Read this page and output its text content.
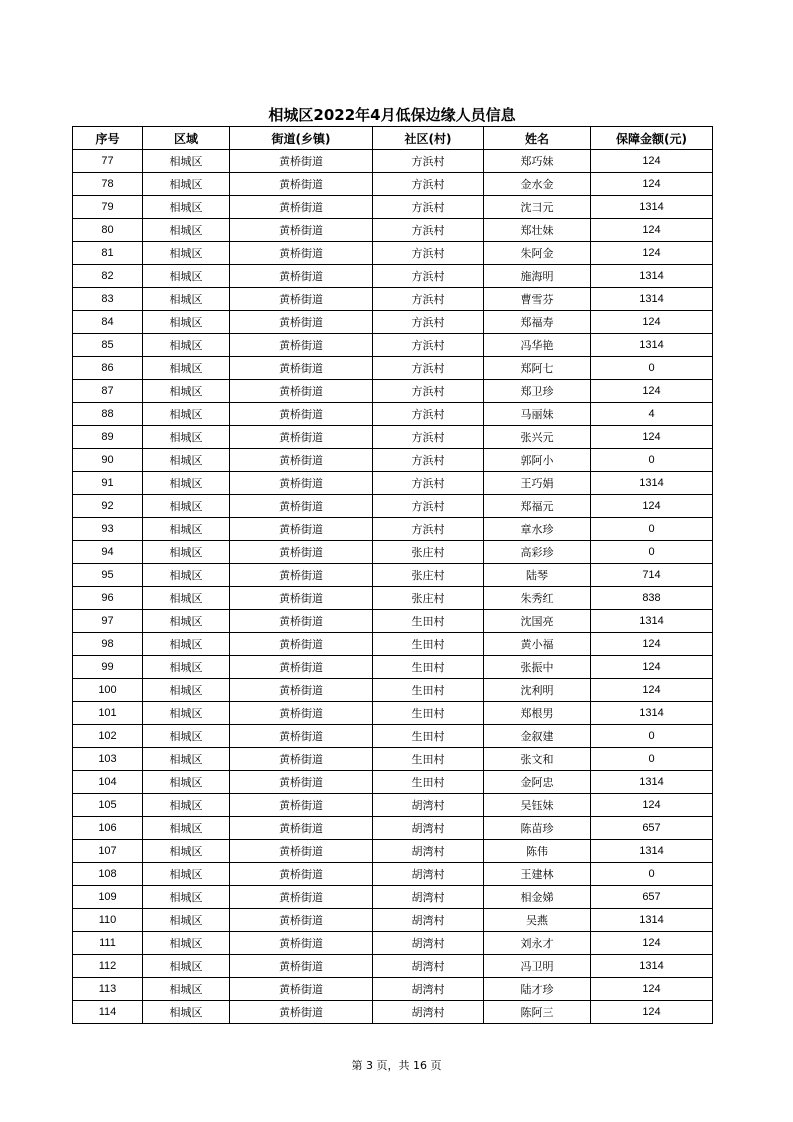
相城区2022年4月低保边缘人员信息
序号	区域	街道(乡镇)	社区(村)	姓名	保障金额(元)
77	相城区	黄桥街道	方浜村	郑巧妹	124
78	相城区	黄桥街道	方浜村	金水金	124
79	相城区	黄桥街道	方浜村	沈彐元	1314
80	相城区	黄桥街道	方浜村	郑壮妹	124
81	相城区	黄桥街道	方浜村	朱阿金	124
82	相城区	黄桥街道	方浜村	施海明	1314
83	相城区	黄桥街道	方浜村	曹雪芬	1314
84	相城区	黄桥街道	方浜村	郑福寿	124
85	相城区	黄桥街道	方浜村	冯华艳	1314
86	相城区	黄桥街道	方浜村	郑阿七	0
87	相城区	黄桥街道	方浜村	郑卫珍	124
88	相城区	黄桥街道	方浜村	马丽妹	4
89	相城区	黄桥街道	方浜村	张兴元	124
90	相城区	黄桥街道	方浜村	郭阿小	0
91	相城区	黄桥街道	方浜村	王巧娟	1314
92	相城区	黄桥街道	方浜村	郑福元	124
93	相城区	黄桥街道	方浜村	章水珍	0
94	相城区	黄桥街道	张庄村	高彩珍	0
95	相城区	黄桥街道	张庄村	陆琴	714
96	相城区	黄桥街道	张庄村	朱秀红	838
97	相城区	黄桥街道	生田村	沈国亮	1314
98	相城区	黄桥街道	生田村	黄小福	124
99	相城区	黄桥街道	生田村	张振中	124
100	相城区	黄桥街道	生田村	沈利明	124
101	相城区	黄桥街道	生田村	郑根男	1314
102	相城区	黄桥街道	生田村	金叙建	0
103	相城区	黄桥街道	生田村	张文和	0
104	相城区	黄桥街道	生田村	金阿忠	1314
105	相城区	黄桥街道	胡湾村	吴钰妹	124
106	相城区	黄桥街道	胡湾村	陈苗珍	657
107	相城区	黄桥街道	胡湾村	陈伟	1314
108	相城区	黄桥街道	胡湾村	王建林	0
109	相城区	黄桥街道	胡湾村	相金娣	657
110	相城区	黄桥街道	胡湾村	吴燕	1314
111	相城区	黄桥街道	胡湾村	刘永才	124
112	相城区	黄桥街道	胡湾村	冯卫明	1314
113	相城区	黄桥街道	胡湾村	陆才珍	124
114	相城区	黄桥街道	胡湾村	陈阿三	124
第 3 页，共 16 页
